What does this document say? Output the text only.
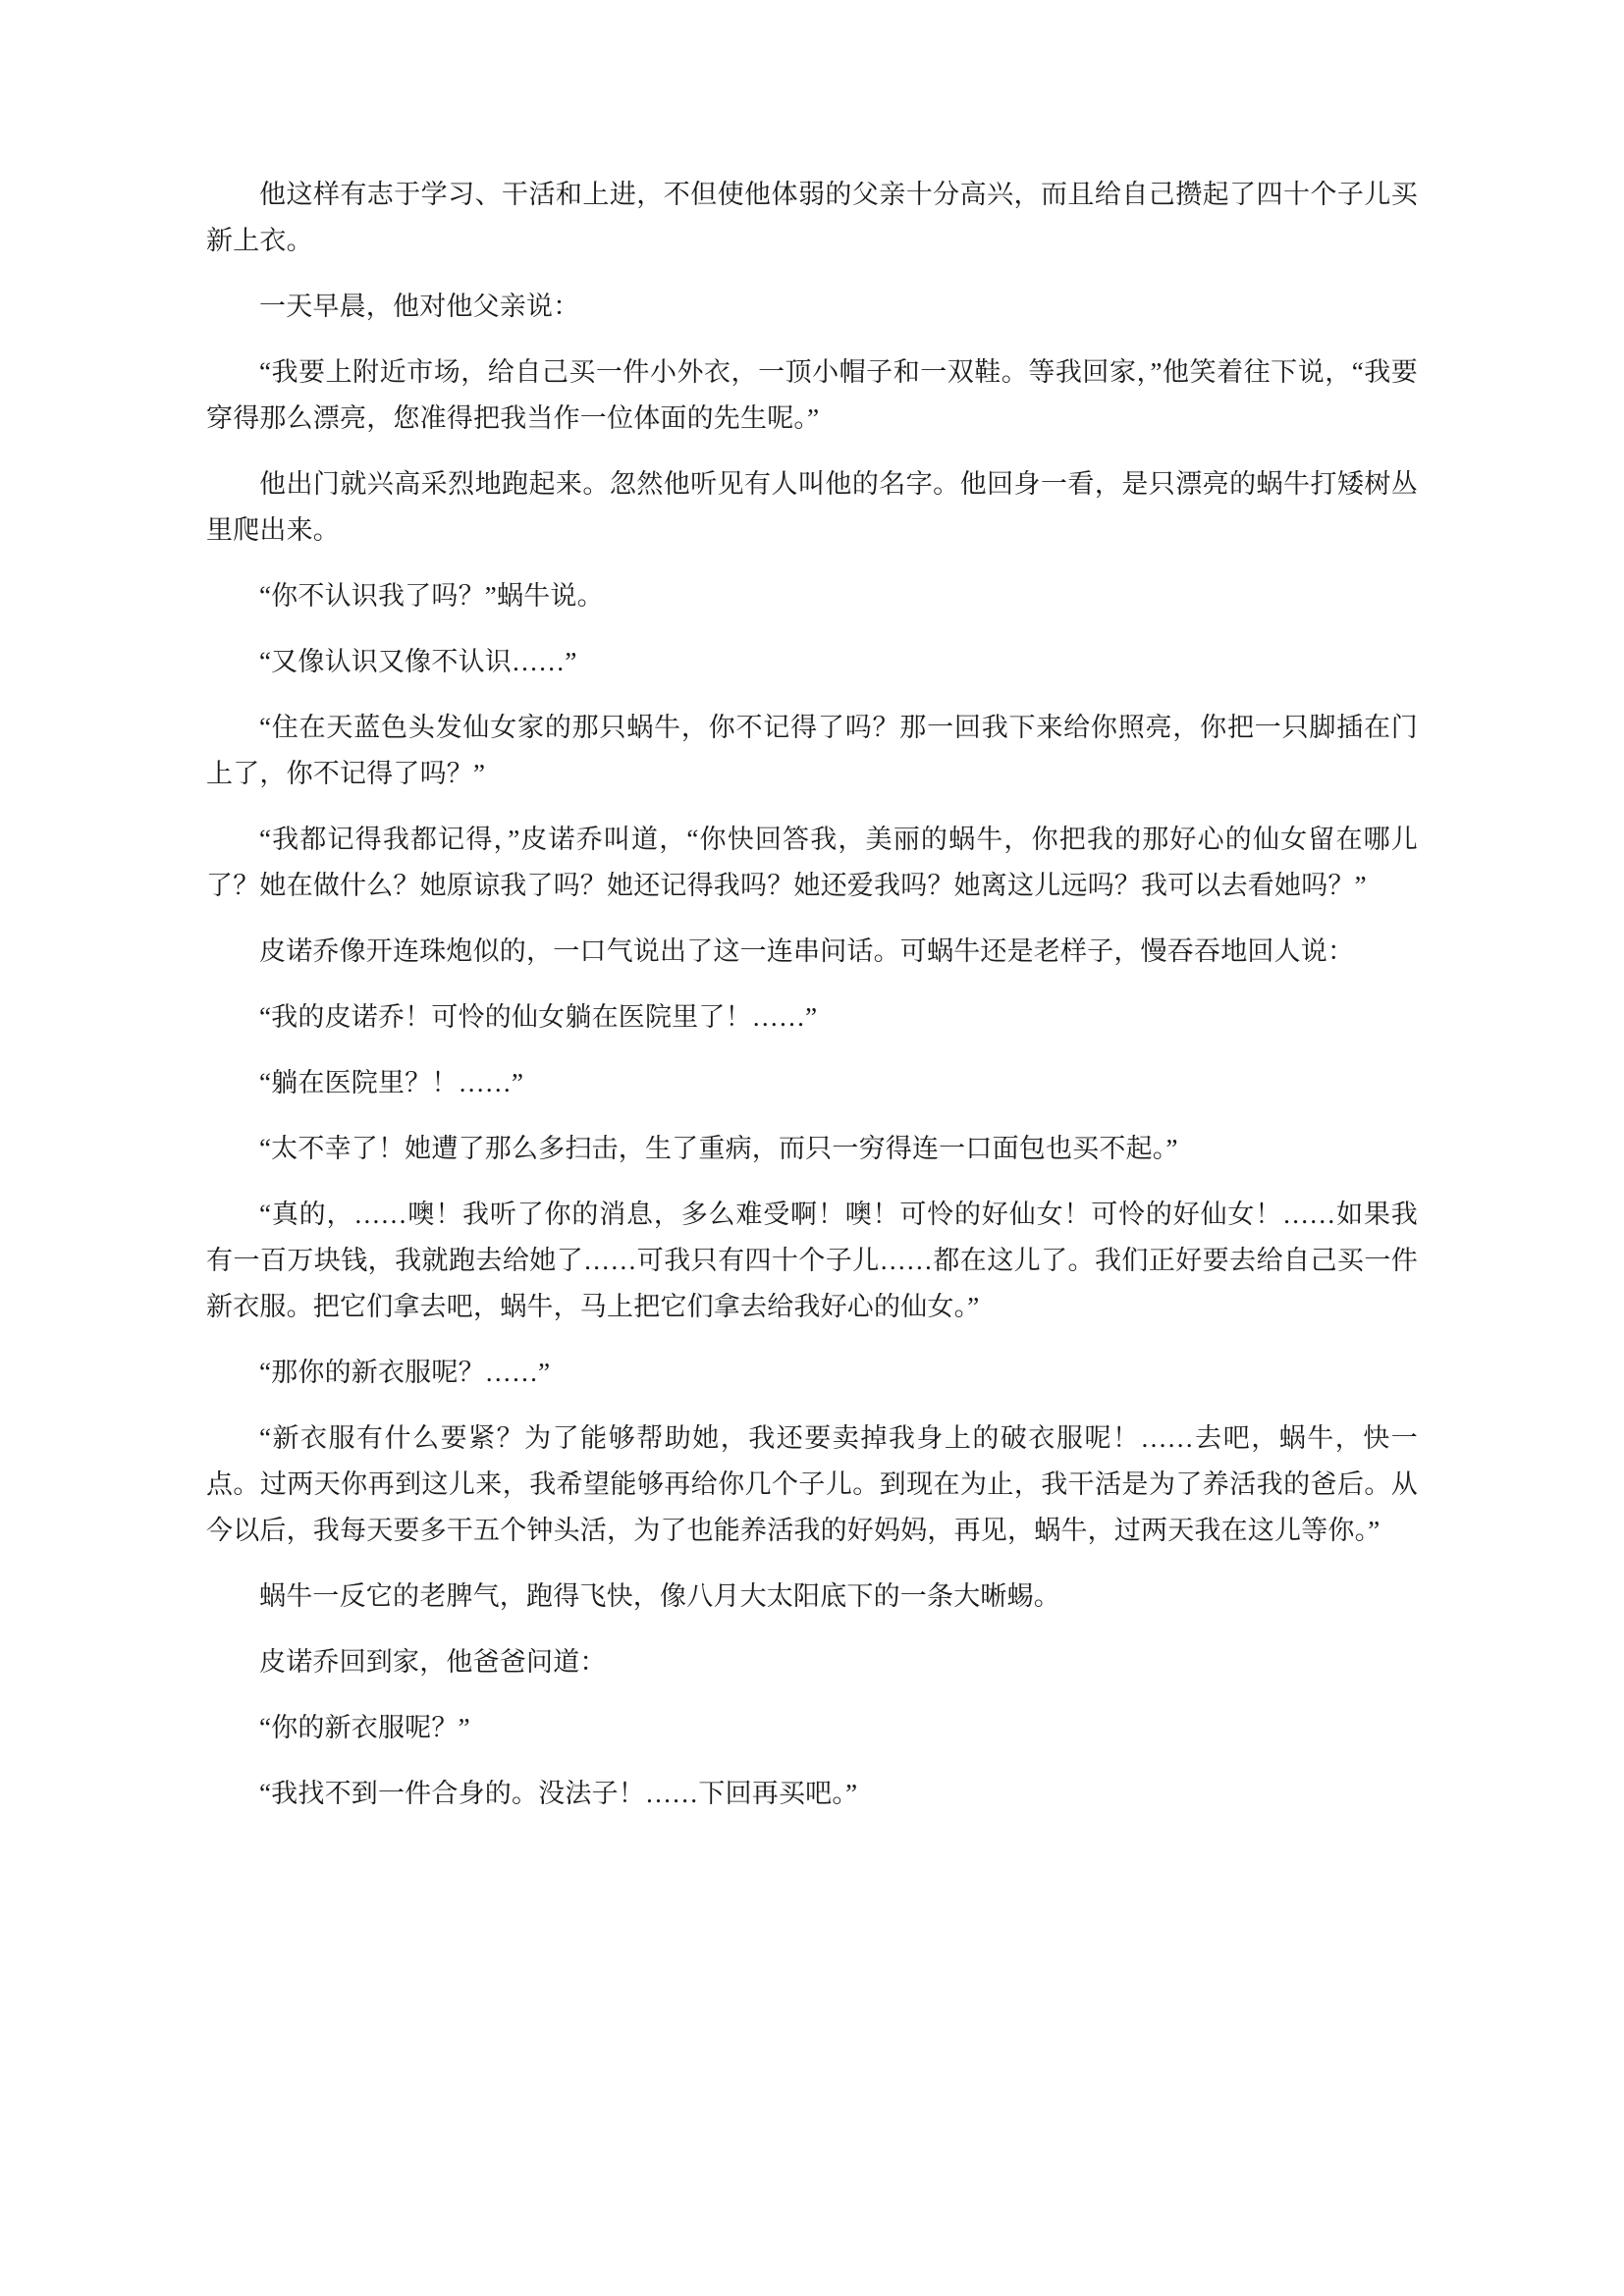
他这样有志于学习、干活和上进，不但使他体弱的父亲十分高兴，而且给自己攒起了四十个子儿买新上衣。

一天早晨，他对他父亲说：

“我要上附近市场，给自己买一件小外衣，一顶小帽子和一双鞋。等我回家，”他笑着往下说，“我要穿得那么漂亮，您准得把我当作一位体面的先生呢。”

他出门就兴高采烈地跑起来。忽然他听见有人叫他的名字。他回身一看，是只漂亮的蜗牛打矮树丛里爬出来。

“你不认识我了吗？”蜗牛说。

“又像认识又像不认识……”

“住在天蓝色头发仙女家的那只蜗牛，你不记得了吗？那一回我下来给你照亮，你把一只脚插在门上了，你不记得了吗？”

“我都记得我都记得，”皮诺乔叫道，“你快回答我，美丽的蜗牛，你把我的那好心的仙女留在哪儿了？她在做什么？她原谅我了吗？她还记得我吗？她还爱我吗？她离这儿远吗？我可以去看她吗？”

皮诺乔像开连珠炮似的，一口气说出了这一连串问话。可蜗牛还是老样子，慢吞吞地回人说：

“我的皮诺乔！可怜的仙女躺在医院里了！……”

“躺在医院里？！……”

“太不幸了！她遭了那么多扫击，生了重病，而只一穷得连一口面包也买不起。”

“真的，……噢！我听了你的消息，多么难受啊！噢！可怜的好仙女！可怜的好仙女！……如果我有一百万块钱，我就跑去给她了……可我只有四十个子儿……都在这儿了。我们正好要去给自己买一件新衣服。把它们拿去吧，蜗牛，马上把它们拿去给我好心的仙女。”

“那你的新衣服呢？……”

“新衣服有什么要紧？为了能够帮助她，我还要卖掉我身上的破衣服呢！……去吧，蜗牛，快一点。过两天你再到这儿来，我希望能够再给你几个子儿。到现在为止，我干活是为了养活我的爸后。从今以后，我每天要多干五个钟头活，为了也能养活我的好妈妈，再见，蜗牛，过两天我在这儿等你。”

蜗牛一反它的老脾气，跑得飞快，像八月大太阳底下的一条大晰蜴。

皮诺乔回到家，他爸爸问道：

“你的新衣服呢？”

“我找不到一件合身的。没法子！……下回再买吧。”
